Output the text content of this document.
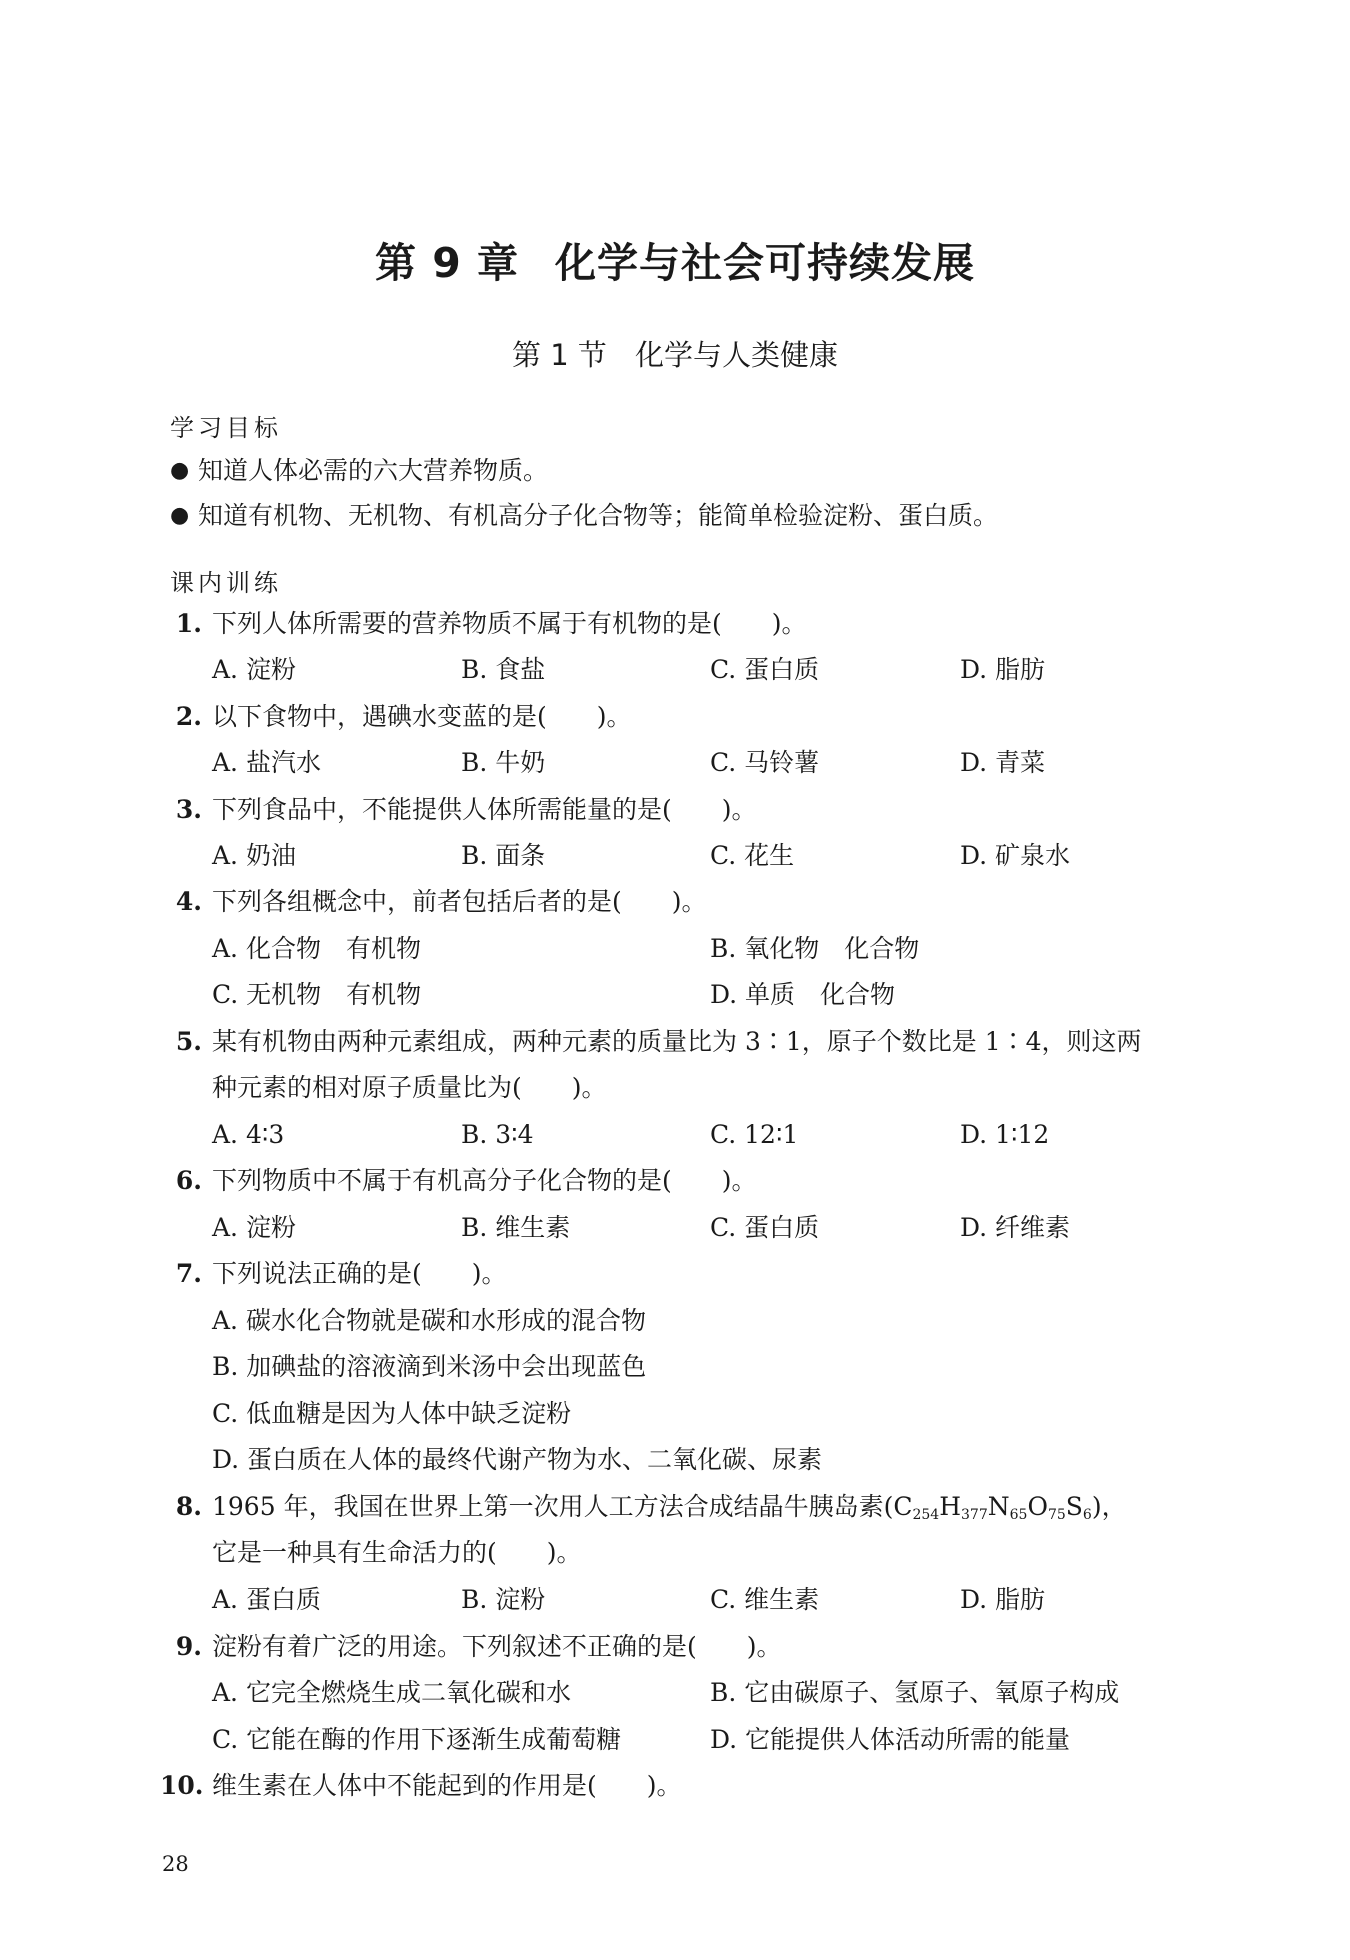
第 9 章 化学与社会可持续发展
第 1 节 化学与人类健康
学习目标
● 知道人体必需的六大营养物质。
● 知道有机物、无机物、有机高分子化合物等；能简单检验淀粉、蛋白质。
课内训练
1. 下列人体所需要的营养物质不属于有机物的是(　　)。
A. 淀粉	B. 食盐	C. 蛋白质	D. 脂肪
2. 以下食物中，遇碘水变蓝的是(　　)。
A. 盐汽水	B. 牛奶	C. 马铃薯	D. 青菜
3. 下列食品中，不能提供人体所需能量的是(　　)。
A. 奶油	B. 面条	C. 花生	D. 矿泉水
4. 下列各组概念中，前者包括后者的是(　　)。
A. 化合物　有机物	B. 氧化物　化合物
C. 无机物　有机物	D. 单质　化合物
5. 某有机物由两种元素组成，两种元素的质量比为 3∶1，原子个数比是 1∶4，则这两
种元素的相对原子质量比为(　　)。
A. 4∶3	B. 3∶4	C. 12∶1	D. 1∶12
6. 下列物质中不属于有机高分子化合物的是(　　)。
A. 淀粉	B. 维生素	C. 蛋白质	D. 纤维素
7. 下列说法正确的是(　　)。
A. 碳水化合物就是碳和水形成的混合物
B. 加碘盐的溶液滴到米汤中会出现蓝色
C. 低血糖是因为人体中缺乏淀粉
D. 蛋白质在人体的最终代谢产物为水、二氧化碳、尿素
8. 1965 年，我国在世界上第一次用人工方法合成结晶牛胰岛素$(C_{254}H_{377}N_{65}O_{75}S_6)$，
它是一种具有生命活力的(　　)。
A. 蛋白质	B. 淀粉	C. 维生素	D. 脂肪
9. 淀粉有着广泛的用途。下列叙述不正确的是(　　)。
A. 它完全燃烧生成二氧化碳和水	B. 它由碳原子、氢原子、氧原子构成
C. 它能在酶的作用下逐渐生成葡萄糖	D. 它能提供人体活动所需的能量
10. 维生素在人体中不能起到的作用是(　　)。
28
